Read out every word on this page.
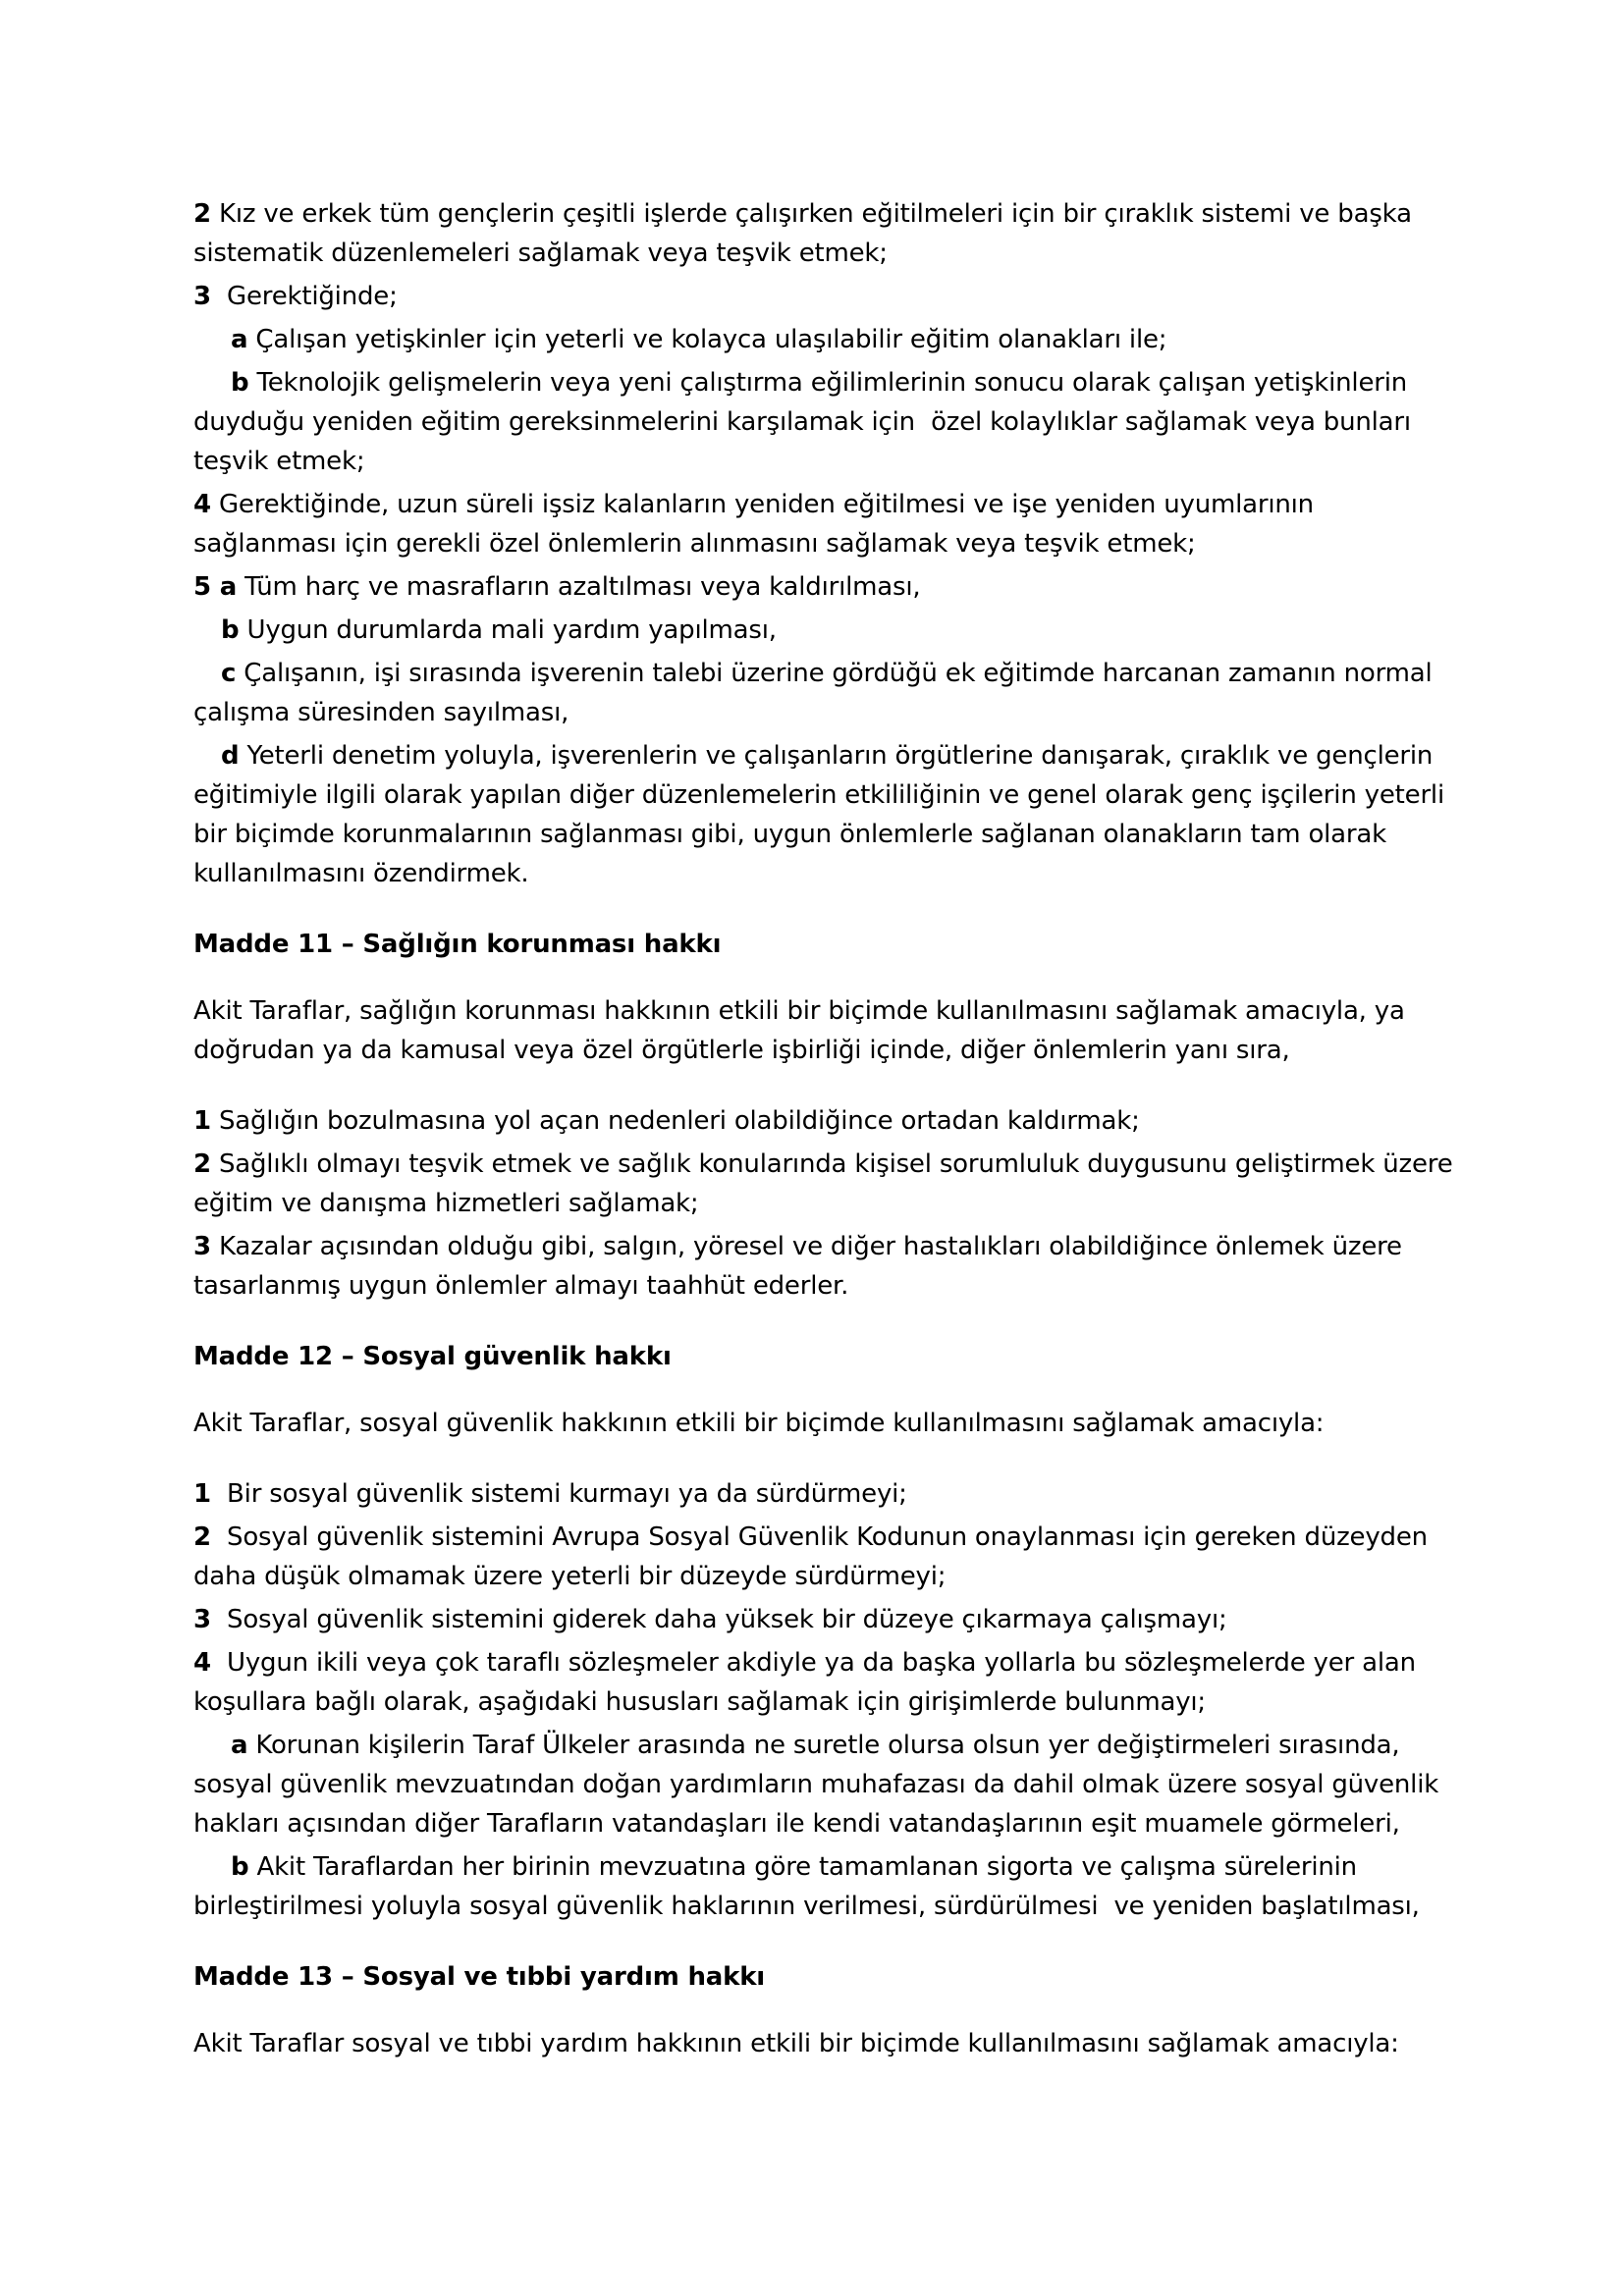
2 Kız ve erkek tüm gençlerin çeşitli işlerde çalışırken eğitilmeleri için bir çıraklık sistemi ve başka
sistematik düzenlemeleri sağlamak veya teşvik etmek;
3  Gerektiğinde;
a Çalışan yetişkinler için yeterli ve kolayca ulaşılabilir eğitim olanakları ile;
b Teknolojik gelişmelerin veya yeni çalıştırma eğilimlerinin sonucu olarak çalışan yetişkinlerin
duyduğu yeniden eğitim gereksinmelerini karşılamak için  özel kolaylıklar sağlamak veya bunları
teşvik etmek;
4 Gerektiğinde, uzun süreli işsiz kalanların yeniden eğitilmesi ve işe yeniden uyumlarının
sağlanması için gerekli özel önlemlerin alınmasını sağlamak veya teşvik etmek;
5 a Tüm harç ve masrafların azaltılması veya kaldırılması,
b Uygun durumlarda mali yardım yapılması,
c Çalışanın, işi sırasında işverenin talebi üzerine gördüğü ek eğitimde harcanan zamanın normal
çalışma süresinden sayılması,
d Yeterli denetim yoluyla, işverenlerin ve çalışanların örgütlerine danışarak, çıraklık ve gençlerin
eğitimiyle ilgili olarak yapılan diğer düzenlemelerin etkililiğinin ve genel olarak genç işçilerin yeterli
bir biçimde korunmalarının sağlanması gibi, uygun önlemlerle sağlanan olanakların tam olarak
kullanılmasını özendirmek.
Madde 11 – Sağlığın korunması hakkı
Akit Taraflar, sağlığın korunması hakkının etkili bir biçimde kullanılmasını sağlamak amacıyla, ya
doğrudan ya da kamusal veya özel örgütlerle işbirliği içinde, diğer önlemlerin yanı sıra,
1 Sağlığın bozulmasına yol açan nedenleri olabildiğince ortadan kaldırmak;
2 Sağlıklı olmayı teşvik etmek ve sağlık konularında kişisel sorumluluk duygusunu geliştirmek üzere
eğitim ve danışma hizmetleri sağlamak;
3 Kazalar açısından olduğu gibi, salgın, yöresel ve diğer hastalıkları olabildiğince önlemek üzere
tasarlanmış uygun önlemler almayı taahhüt ederler.
Madde 12 – Sosyal güvenlik hakkı
Akit Taraflar, sosyal güvenlik hakkının etkili bir biçimde kullanılmasını sağlamak amacıyla:
1  Bir sosyal güvenlik sistemi kurmayı ya da sürdürmeyi;
2  Sosyal güvenlik sistemini Avrupa Sosyal Güvenlik Kodunun onaylanması için gereken düzeyden
daha düşük olmamak üzere yeterli bir düzeyde sürdürmeyi;
3  Sosyal güvenlik sistemini giderek daha yüksek bir düzeye çıkarmaya çalışmayı;
4  Uygun ikili veya çok taraflı sözleşmeler akdiyle ya da başka yollarla bu sözleşmelerde yer alan
koşullara bağlı olarak, aşağıdaki hususları sağlamak için girişimlerde bulunmayı;
a Korunan kişilerin Taraf Ülkeler arasında ne suretle olursa olsun yer değiştirmeleri sırasında,
sosyal güvenlik mevzuatından doğan yardımların muhafazası da dahil olmak üzere sosyal güvenlik
hakları açısından diğer Tarafların vatandaşları ile kendi vatandaşlarının eşit muamele görmeleri,
b Akit Taraflardan her birinin mevzuatına göre tamamlanan sigorta ve çalışma sürelerinin
birleştirilmesi yoluyla sosyal güvenlik haklarının verilmesi, sürdürülmesi  ve yeniden başlatılması,
Madde 13 – Sosyal ve tıbbi yardım hakkı
Akit Taraflar sosyal ve tıbbi yardım hakkının etkili bir biçimde kullanılmasını sağlamak amacıyla:
